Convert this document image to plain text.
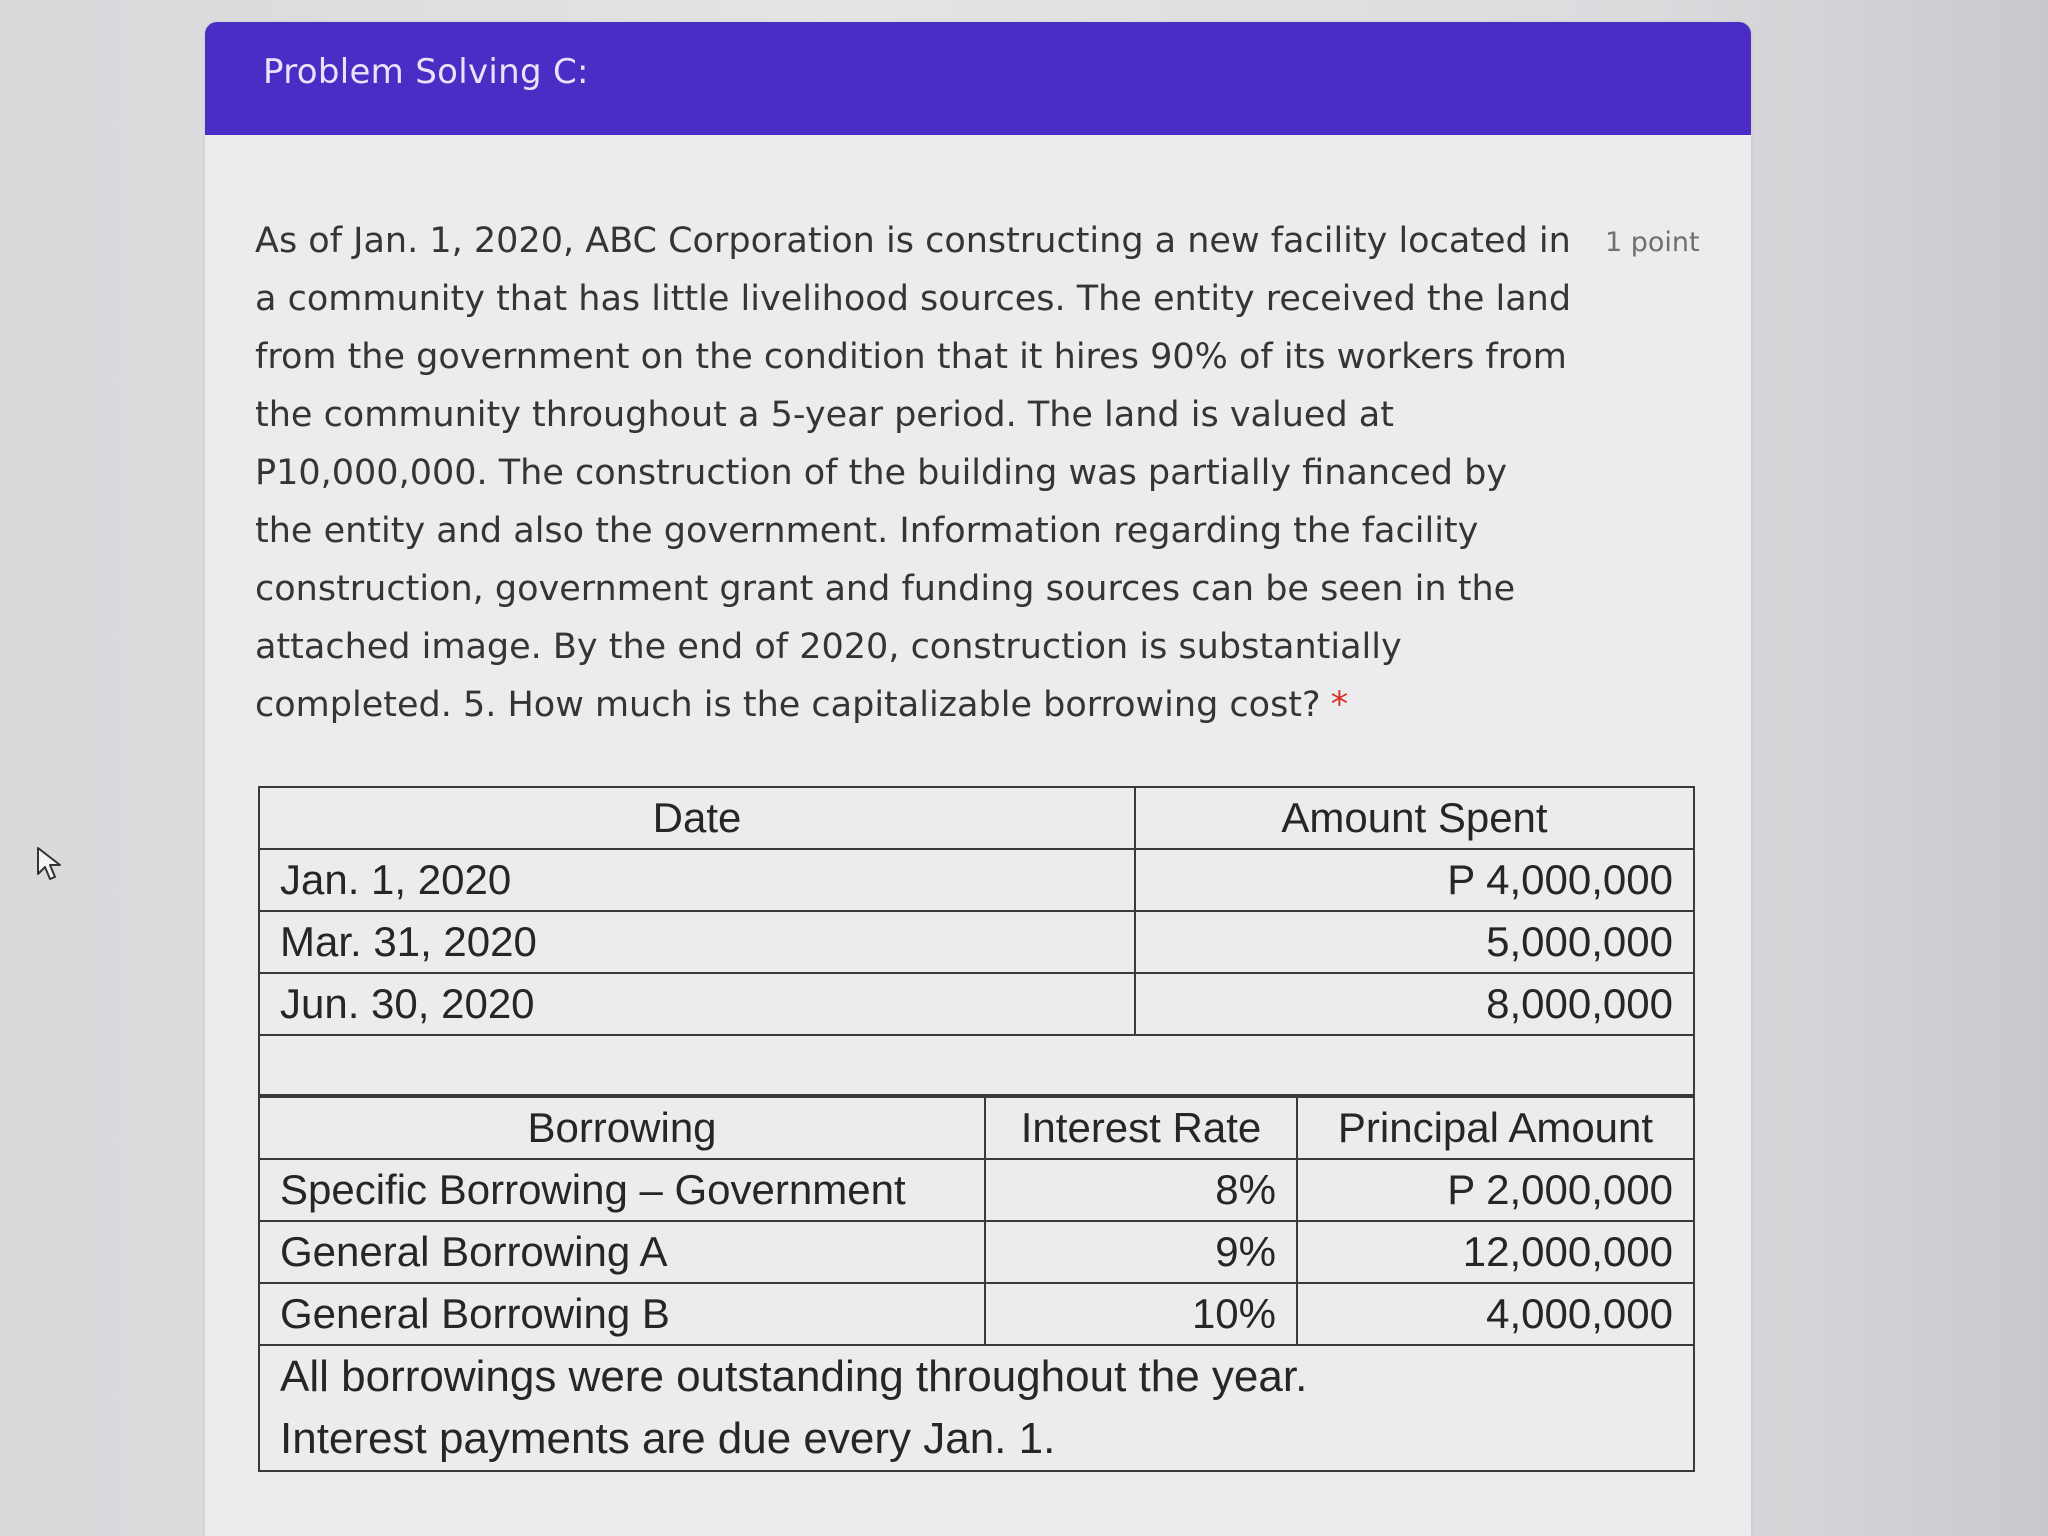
Problem Solving C:

As of Jan. 1, 2020, ABC Corporation is constructing a new facility located in

a community that has little livelihood sources. The entity received the land

from the government on the condition that it hires 90% of its workers from

the community throughout a 5-year period. The land is valued at

P10,000,000. The construction of the building was partially financed by

the entity and also the government. Information regarding the facility

construction, government grant and funding sources can be seen in the

attached image. By the end of 2020, construction is substantially

completed. 5. How much is the capitalizable borrowing cost? *

1 point
Date	Amount Spent
Jan. 1, 2020	P 4,000,000
Mar. 31, 2020	5,000,000
Jun. 30, 2020	8,000,000

Borrowing	Interest Rate	Principal Amount
Specific Borrowing – Government	8%	P 2,000,000
General Borrowing A	9%	12,000,000
General Borrowing B	10%	4,000,000

All borrowings were outstanding throughout the year.
Interest payments are due every Jan. 1.		
